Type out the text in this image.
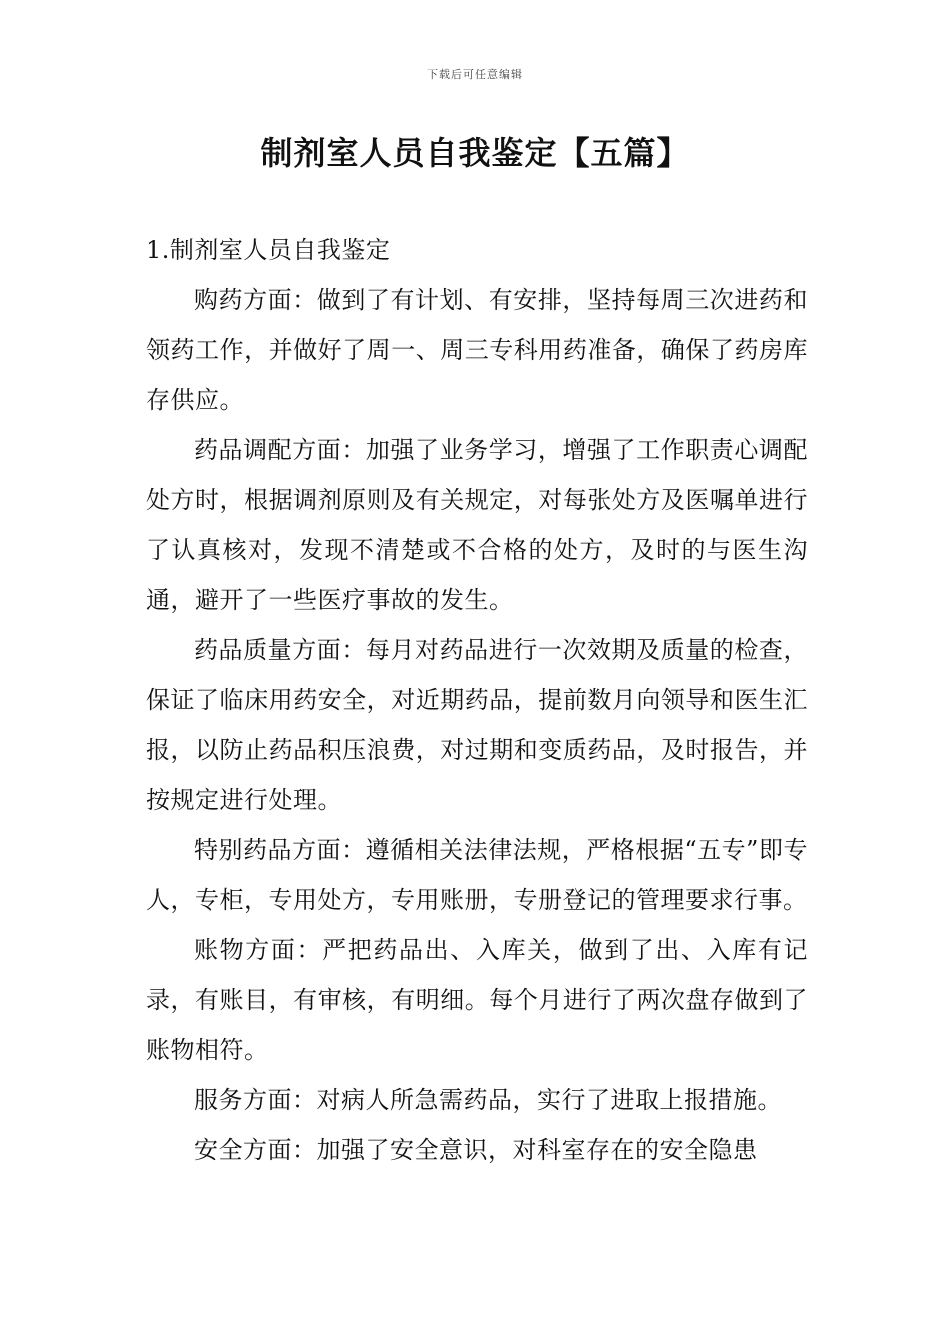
下载后可任意编辑
制剂室人员自我鉴定【五篇】
1.制剂室人员自我鉴定

购药方面：做到了有计划、有安排，坚持每周三次进药和领药工作，并做好了周一、周三专科用药准备，确保了药房库存供应。

药品调配方面：加强了业务学习，增强了工作职责心调配处方时，根据调剂原则及有关规定，对每张处方及医嘱单进行了认真核对，发现不清楚或不合格的处方，及时的与医生沟通，避开了一些医疗事故的发生。

药品质量方面：每月对药品进行一次效期及质量的检查，保证了临床用药安全，对近期药品，提前数月向领导和医生汇报，以防止药品积压浪费，对过期和变质药品，及时报告，并按规定进行处理。

特别药品方面：遵循相关法律法规，严格根据“五专”即专人，专柜，专用处方，专用账册，专册登记的管理要求行事。

账物方面：严把药品出、入库关，做到了出、入库有记录，有账目，有审核，有明细。每个月进行了两次盘存做到了账物相符。

服务方面：对病人所急需药品，实行了进取上报措施。

安全方面：加强了安全意识，对科室存在的安全隐患
